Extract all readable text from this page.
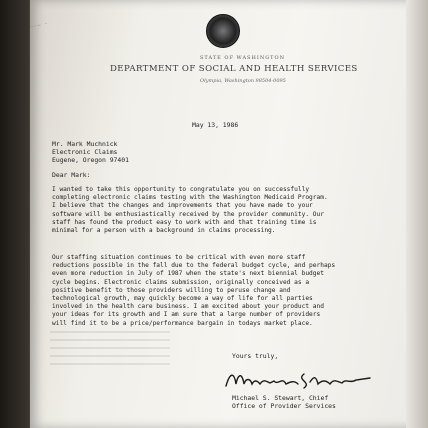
~·~ ·
STATE OF WASHINGTON
DEPARTMENT OF SOCIAL AND HEALTH SERVICES
Olympia, Washington 98504-0095
May 13, 1986
Mr. Mark Muchnick
Electronic Claims
Eugene, Oregon 97401
Dear Mark:
I wanted to take this opportunity to congratulate you on successfully
completing electronic claims testing with the Washington Medicaid Program.
I believe that the changes and improvements that you have made to your
software will be enthusiastically received by the provider community. Our
staff has found the product easy to work with and that training time is
minimal for a person with a background in claims processing.
Our staffing situation continues to be critical with even more staff
reductions possible in the fall due to the federal budget cycle, and perhaps
even more reduction in July of 1987 when the state's next biennial budget
cycle begins. Electronic claims submission, originally conceived as a
positive benefit to those providers willing to peruse change and
technological growth, may quickly become a way of life for all parties
involved in the health care business. I am excited about your product and
your ideas for its growth and I am sure that a large number of providers
will find it to be a price/performance bargain in todays market place.
Yours truly,
Michael S. Stewart, Chief
Office of Provider Services
